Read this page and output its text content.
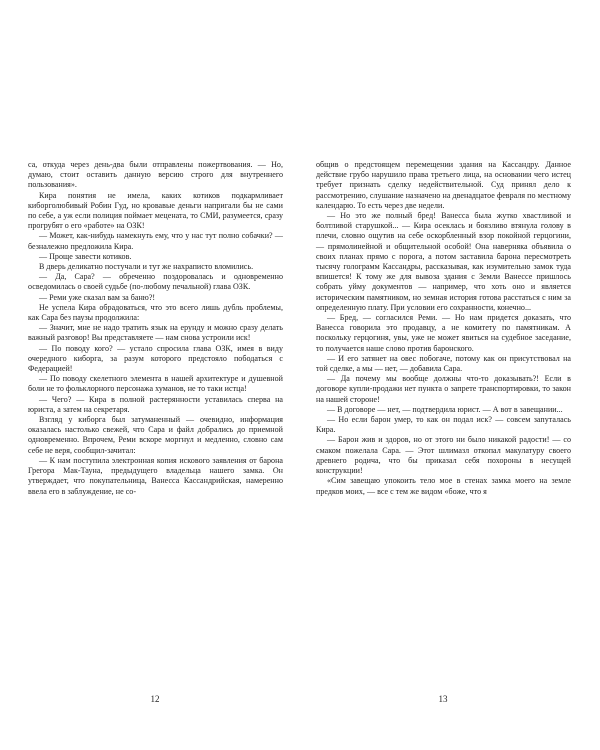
са, откуда через день-два были отправлены пожертвования. — Но, думаю, стоит оставить данную версию строго для внутреннего пользования».

Кира понятия не имела, каких котиков подкармливает киборголюбивый Робин Гуд, но кровавые деньги напригали бы не сами по себе, а уж если полиция поймает мецената, то СМИ, разумеется, сразу прогрубят о его «работе» на ОЗК!

— Может, как-нибудь намекнуть ему, что у нас тут полно собачки? — безналежно предложила Кира.

— Проще завести котиков.

В дверь деликатно постучали и тут же нахраписто вломились.

— Да, Сара? — обреченно поздоровалась и одновременно осведомилась о своей судьбе (по-любому печальной) глава ОЗК.

— Реми уже сказал вам за баню?!

Не успела Кира обрадоваться, что это всего лишь дубль проблемы, как Сара без паузы продолжила:

— Значит, мне не надо тратить язык на ерунду и можно сразу делать важный разговор! Вы представляете — нам снова устроили иск!

— По поводу кого? — устало спросила глава ОЗК, имея в виду очередного киборга, за разум которого предстояло пободаться с Федерацией!

— По поводу скелетного элемента в нашей архитектуре и душевной боли не то фольклорного персонажа хуманов, не то таки истца!

— Чего? — Кира в полной растерянности уставилась сперва на юриста, а затем на секретаря.

Взгляд у киборга был затуманенный — очевидно, информация оказалась настолько свежей, что Сара и файл добрались до приемной одновременно. Впрочем, Реми вскоре моргнул и медленно, словно сам себе не веря, сообщил-зачитал:

— К нам поступила электронная копия искового заявления от барона Грегора Мак-Тауна, предыдущего владельца нашего замка. Он утверждает, что покупательница, Ванесса Кассандрийская, намеренно ввела его в заблуждение, не со-

12

общив о предстоящем перемещении здания на Кассандру. Данное действие грубо нарушило права третьего лица, на основании чего истец требует признать сделку недействительной. Суд принял дело к рассмотрению, слушание назначено на двенадцатое февраля по местному календарю. То есть через две недели.

— Но это же полный бред! Ванесса была жутко хвастливой и болтливой старушкой... — Кира осеклась и боязливо втянула голову в плечи, словно ощутив на себе оскорбленный взор покойной герцогини, — прямолинейной и общительной особой! Она наверняка объявила о своих планах прямо с порога, а потом заставила барона пересмотреть тысячу голограмм Кассандры, рассказывая, как изумительно замок туда впишется! К тому же для вывоза здания с Земли Ванессе пришлось собрать уйму документов — например, что хоть оно и является историческим памятником, но земная история готова расстаться с ним за определенную плату. При условии его сохранности, конечно...

— Бред, — согласился Реми. — Но нам придется доказать, что Ванесса говорила это продавцу, а не комитету по памятникам. А поскольку герцогиня, увы, уже не может явиться на судебное заседание, то получается наше слово против баронского.

— И его затянет на овес побогаче, потому как он присутствовал на той сделке, а мы — нет, — добавила Сара.

— Да почему мы вообще должны что-то доказывать?! Если в договоре купли-продажи нет пункта о запрете транспортировки, то закон на нашей стороне!

— В договоре — нет, — подтвердила юрист. — А вот в завещании...

— Но если барон умер, то как он подал иск? — совсем запуталась Кира.

— Барон жив и здоров, но от этого ни было никакой радости! — со смаком пожелала Сара. — Этот шлимазл откопал макулатуру своего древнего родича, что бы приказал себя похороны в несущей конструкции!

«Сим завещаю упокоить тело мое в стенах замка моего на земле предков моих, — все с тем же видом «боже, что я

13
